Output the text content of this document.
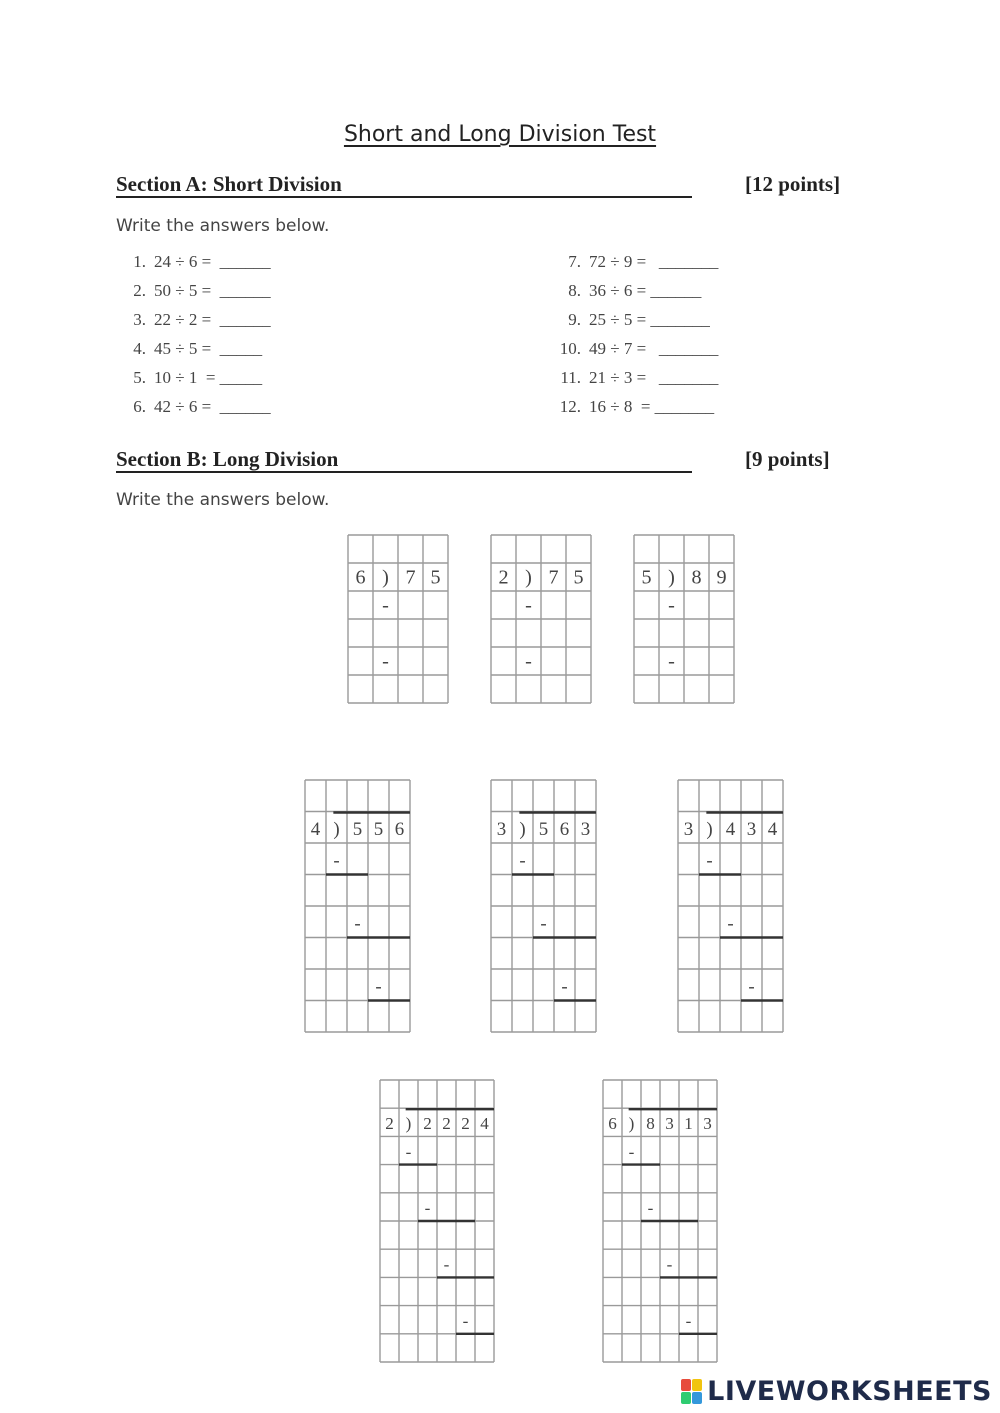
Short and Long Division Test
Section A: Short Division	[12 points]
Write the answers below.
1. 24 ÷ 6 =  ______
2. 50 ÷ 5 =  ______
3. 22 ÷ 2 =  ______
4. 45 ÷ 5 =  _____
5. 10 ÷ 1  = _____
6. 42 ÷ 6 =  ______
7. 72 ÷ 9 =   _______
8. 36 ÷ 6 = ______
9. 25 ÷ 5 = _______
10. 49 ÷ 7 =   _______
11. 21 ÷ 3 =   _______
12. 16 ÷ 8  = _______
Section B: Long Division	[9 points]
Write the answers below.
6 ) 7 5
-
-
2 ) 7 5
-
-
5 ) 8 9
-
-
4 ) 5 5 6
-
-
-
3 ) 5 6 3
-
-
-
3 ) 4 3 4
-
-
-
2 ) 2 2 2 4
-
-
-
-
6 ) 8 3 1 3
-
-
-
-
LIVEWORKSHEETS
